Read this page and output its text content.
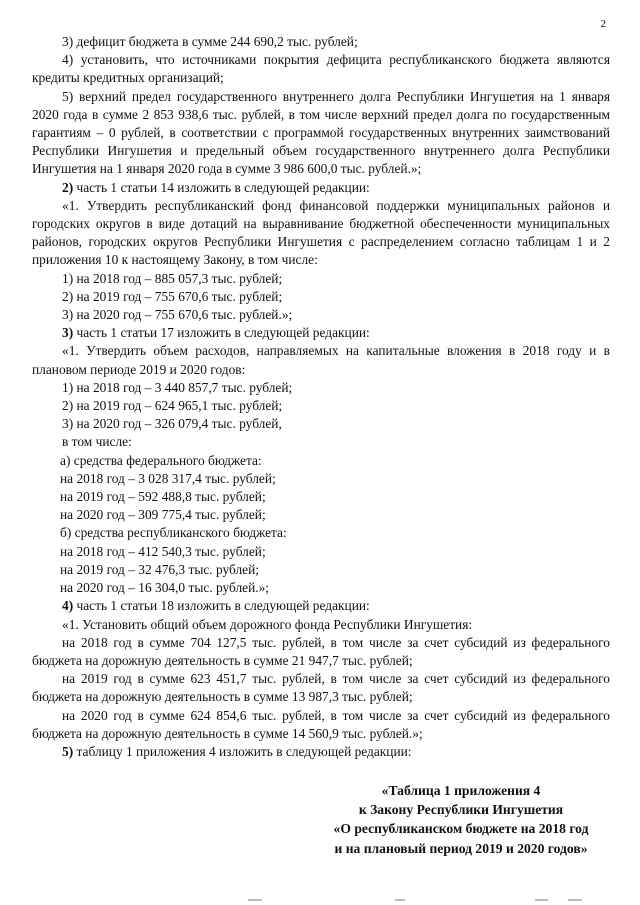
2

3) дефицит бюджета в сумме 244 690,2 тыс. рублей;

4) установить, что источниками покрытия дефицита республиканского бюджета являются кредиты кредитных организаций;

5) верхний предел государственного внутреннего долга Республики Ингушетия на 1 января 2020 года в сумме 2 853 938,6 тыс. рублей, в том числе верхний предел долга по государственным гарантиям – 0 рублей, в соответствии с программой государственных внутренних заимствований Республики Ингушетия и предельный объем государственного внутреннего долга Республики Ингушетия на 1 января 2020 года в сумме 3 986 600,0 тыс. рублей.»;

2) часть 1 статьи 14 изложить в следующей редакции:

«1. Утвердить республиканский фонд финансовой поддержки муниципальных районов и городских округов в виде дотаций на выравнивание бюджетной обеспеченности муниципальных районов, городских округов Республики Ингушетия с распределением согласно таблицам 1 и 2 приложения 10 к настоящему Закону, в том числе:

1) на 2018 год – 885 057,3 тыс. рублей;

2) на 2019 год – 755 670,6 тыс. рублей;

3) на 2020 год – 755 670,6 тыс. рублей.»;

3) часть 1 статьи 17 изложить в следующей редакции:

«1. Утвердить объем расходов, направляемых на капитальные вложения в 2018 году и в плановом периоде 2019 и 2020 годов:

1) на 2018 год – 3 440 857,7 тыс. рублей;

2) на 2019 год – 624 965,1 тыс. рублей;

3) на 2020 год – 326 079,4 тыс. рублей,

в том числе:

а) средства федерального бюджета:

на 2018 год – 3 028 317,4 тыс. рублей;

на 2019 год – 592 488,8 тыс. рублей;

на 2020 год – 309 775,4 тыс. рублей;

б) средства республиканского бюджета:

на 2018 год – 412 540,3 тыс. рублей;

на 2019 год – 32 476,3 тыс. рублей;

на 2020 год – 16 304,0 тыс. рублей.»;

4) часть 1 статьи 18 изложить в следующей редакции:

«1. Установить общий объем дорожного фонда Республики Ингушетия:

на 2018 год в сумме 704 127,5 тыс. рублей, в том числе за счет субсидий из федерального бюджета на дорожную деятельность в сумме 21 947,7 тыс. рублей;

на 2019 год в сумме 623 451,7 тыс. рублей, в том числе за счет субсидий из федерального бюджета на дорожную деятельность в сумме 13 987,3 тыс. рублей;

на 2020 год в сумме 624 854,6 тыс. рублей, в том числе за счет субсидий из федерального бюджета на дорожную деятельность в сумме 14 560,9 тыс. рублей.»;

5) таблицу 1 приложения 4 изложить в следующей редакции:

«Таблица 1 приложения 4
к Закону Республики Ингушетия
«О республиканском бюджете на 2018 год
и на плановый период 2019 и 2020 годов»
